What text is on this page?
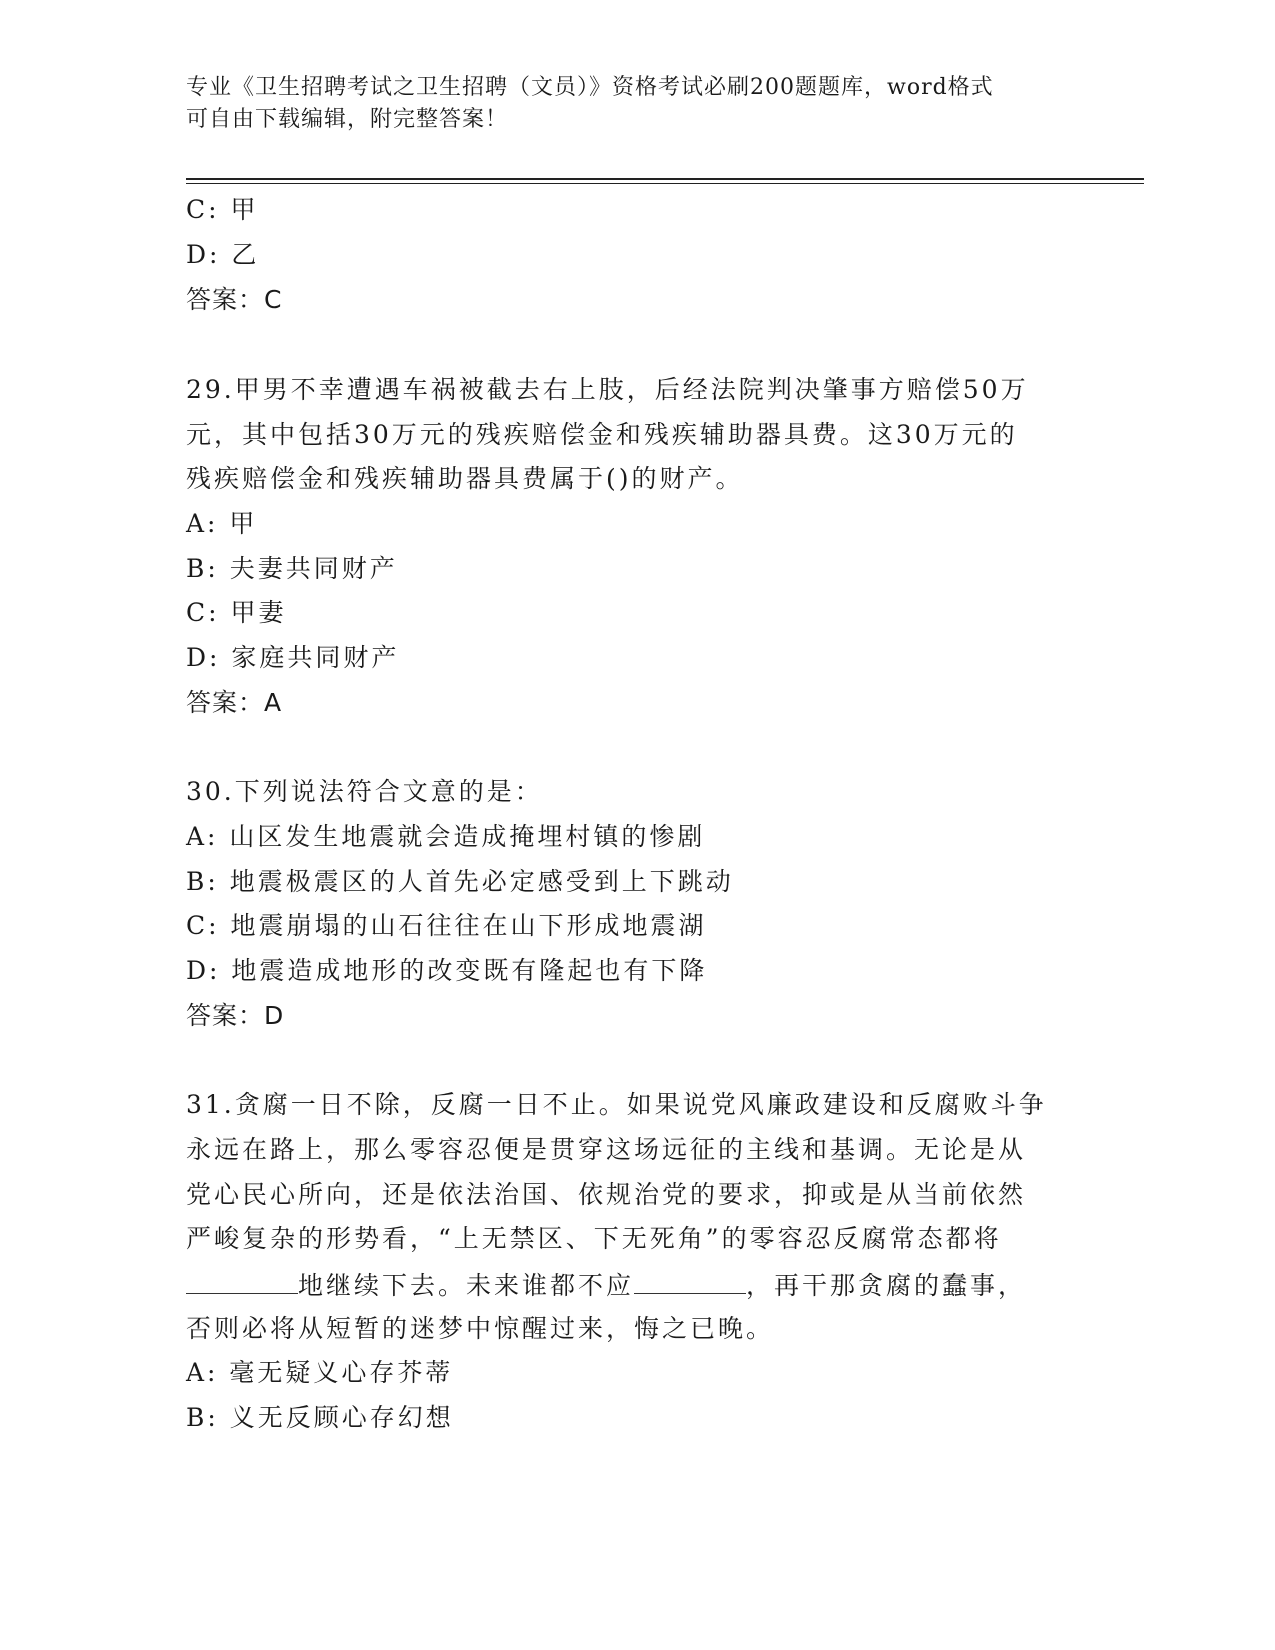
专业《卫生招聘考试之卫生招聘（文员）》资格考试必刷200题题库，word格式
可自由下载编辑，附完整答案！
C: 甲
D: 乙
答案：C
29.甲男不幸遭遇车祸被截去右上肢，后经法院判决肇事方赔偿50万
元，其中包括30万元的残疾赔偿金和残疾辅助器具费。这30万元的
残疾赔偿金和残疾辅助器具费属于()的财产。
A: 甲
B: 夫妻共同财产
C: 甲妻
D: 家庭共同财产
答案：A
30.下列说法符合文意的是：
A: 山区发生地震就会造成掩埋村镇的惨剧
B: 地震极震区的人首先必定感受到上下跳动
C: 地震崩塌的山石往往在山下形成地震湖
D: 地震造成地形的改变既有隆起也有下降
答案：D
31.贪腐一日不除，反腐一日不止。如果说党风廉政建设和反腐败斗争
永远在路上，那么零容忍便是贯穿这场远征的主线和基调。无论是从
党心民心所向，还是依法治国、依规治党的要求，抑或是从当前依然
严峻复杂的形势看，“上无禁区、下无死角”的零容忍反腐常态都将
地继续下去。未来谁都不应	，再干那贪腐的蠢事，
否则必将从短暂的迷梦中惊醒过来，悔之已晚。
A: 毫无疑义心存芥蒂
B: 义无反顾心存幻想
